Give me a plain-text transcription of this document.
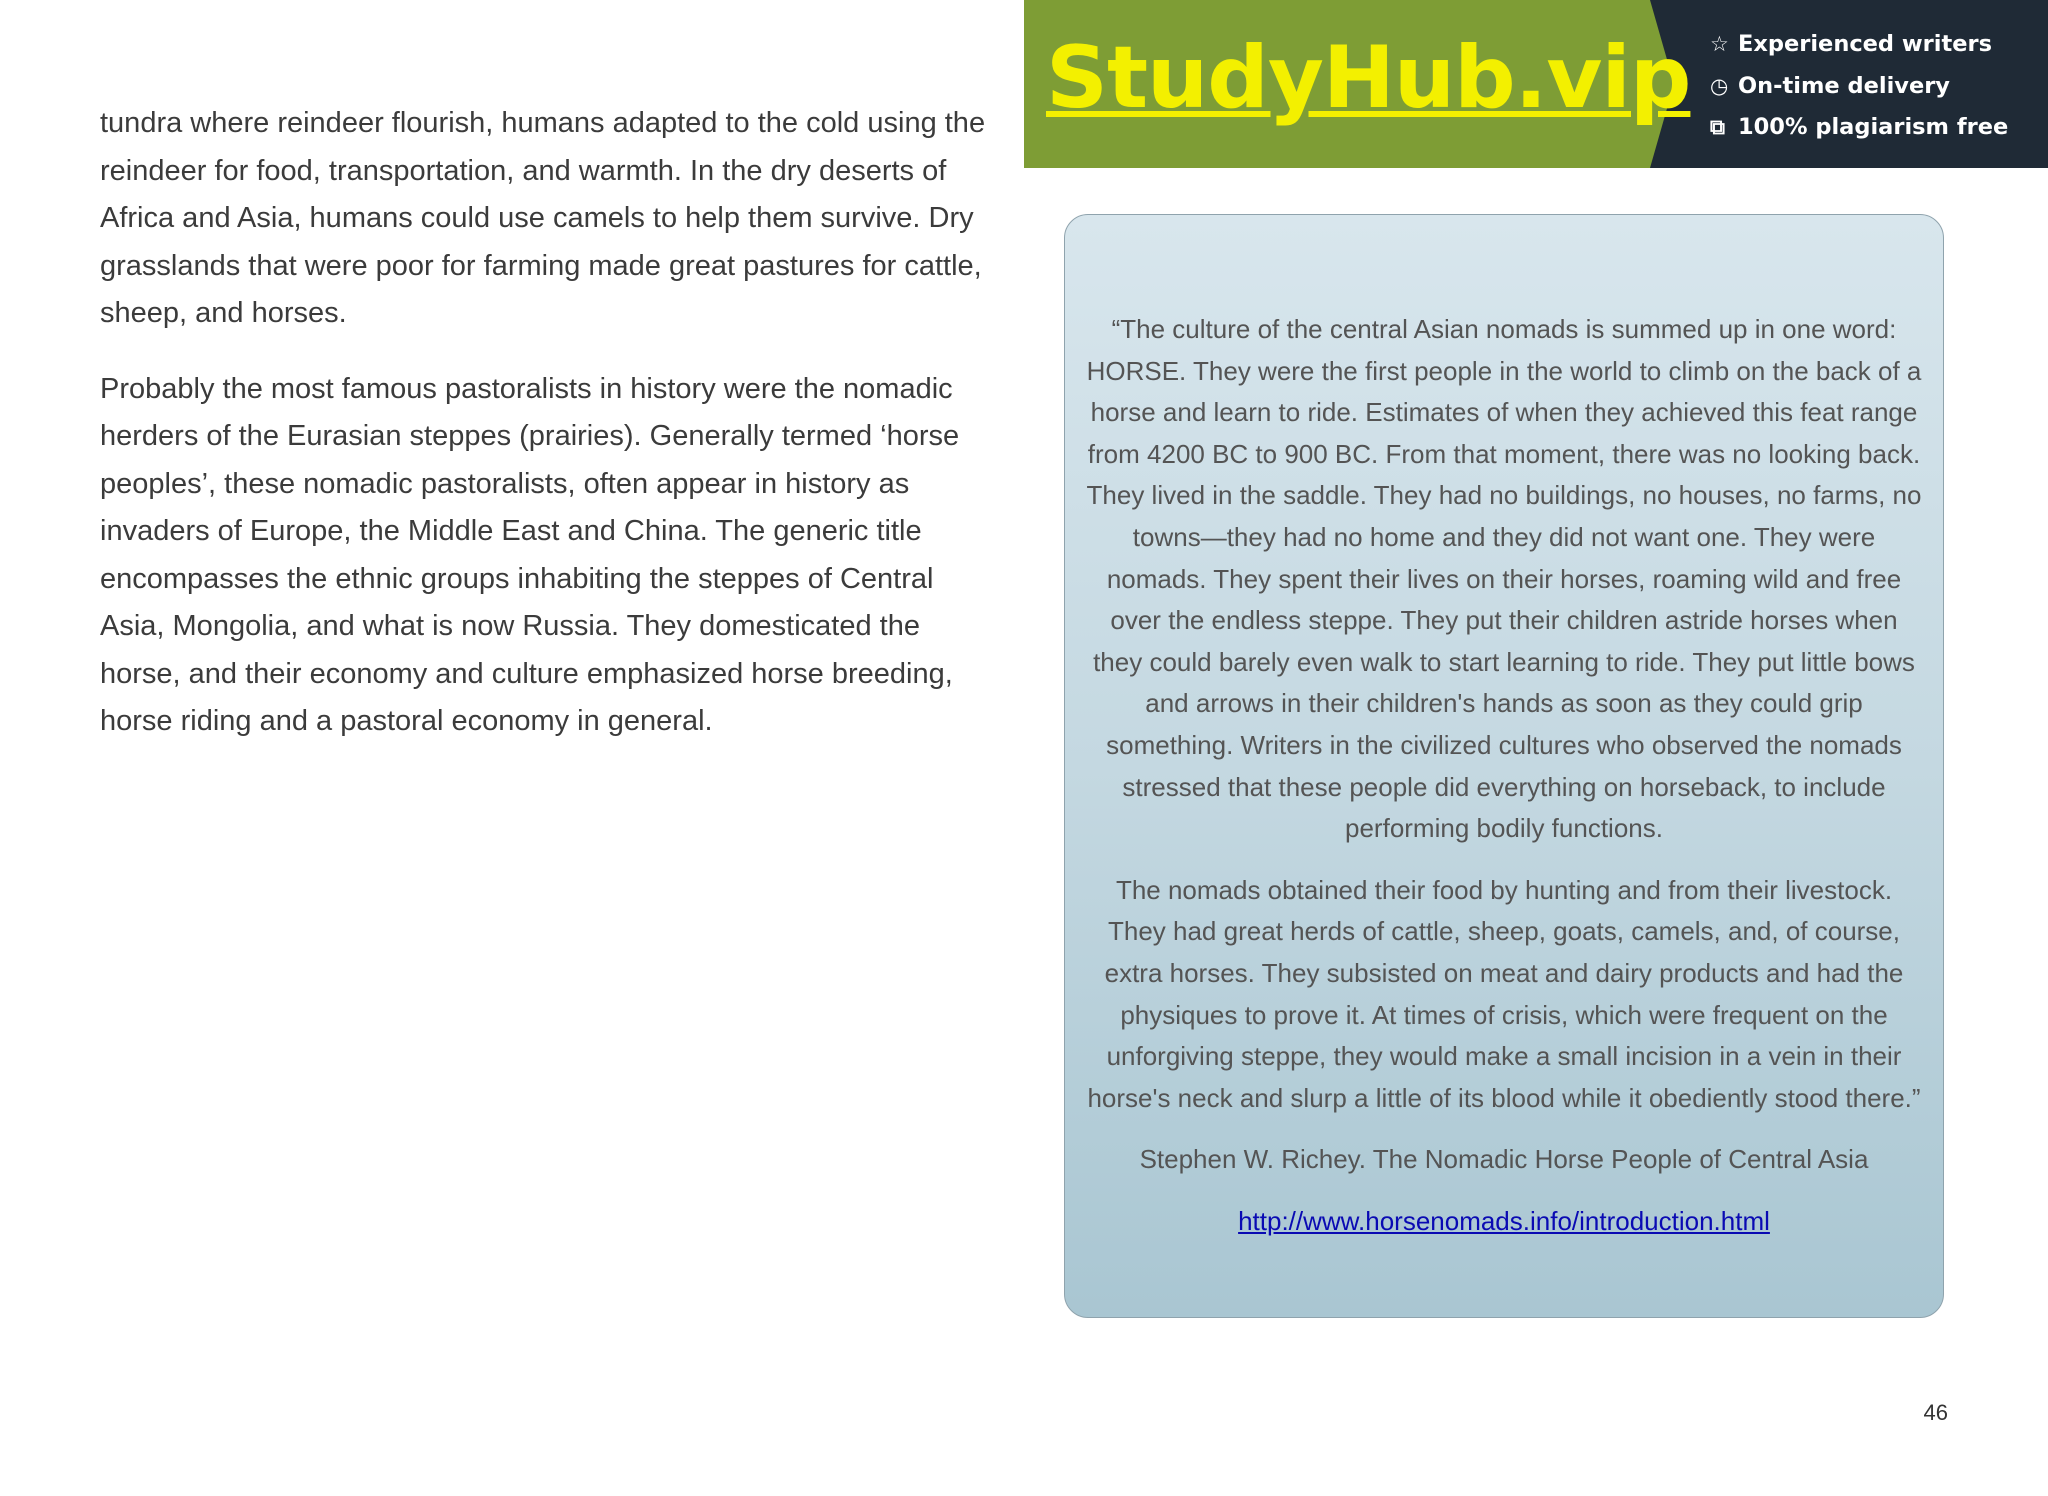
tundra where reindeer flourish, humans adapted to the cold using the reindeer for food, transportation, and warmth. In the dry deserts of Africa and Asia, humans could use camels to help them survive. Dry grasslands that were poor for farming made great pastures for cattle, sheep, and horses.

Probably the most famous pastoralists in history were the nomadic herders of the Eurasian steppes (prairies). Generally termed ‘horse peoples’, these nomadic pastoralists, often appear in history as invaders of Europe, the Middle East and China. The generic title encompasses the ethnic groups inhabiting the steppes of Central Asia, Mongolia, and what is now Russia. They domesticated the horse, and their economy and culture emphasized horse breeding, horse riding and a pastoral economy in general.

StudyHub.vip ☆ Experienced writers
◷ On-time delivery
⧉ 100% plagiarism free

“The culture of the central Asian nomads is summed up in one word: HORSE. They were the first people in the world to climb on the back of a horse and learn to ride. Estimates of when they achieved this feat range from 4200 BC to 900 BC. From that moment, there was no looking back. They lived in the saddle. They had no buildings, no houses, no farms, no towns—they had no home and they did not want one. They were nomads. They spent their lives on their horses, roaming wild and free over the endless steppe. They put their children astride horses when they could barely even walk to start learning to ride. They put little bows and arrows in their children's hands as soon as they could grip something. Writers in the civilized cultures who observed the nomads stressed that these people did everything on horseback, to include performing bodily functions.

The nomads obtained their food by hunting and from their livestock. They had great herds of cattle, sheep, goats, camels, and, of course, extra horses. They subsisted on meat and dairy products and had the physiques to prove it. At times of crisis, which were frequent on the unforgiving steppe, they would make a small incision in a vein in their horse's neck and slurp a little of its blood while it obediently stood there.”

Stephen W. Richey. The Nomadic Horse People of Central Asia

http://www.horsenomads.info/introduction.html

46
